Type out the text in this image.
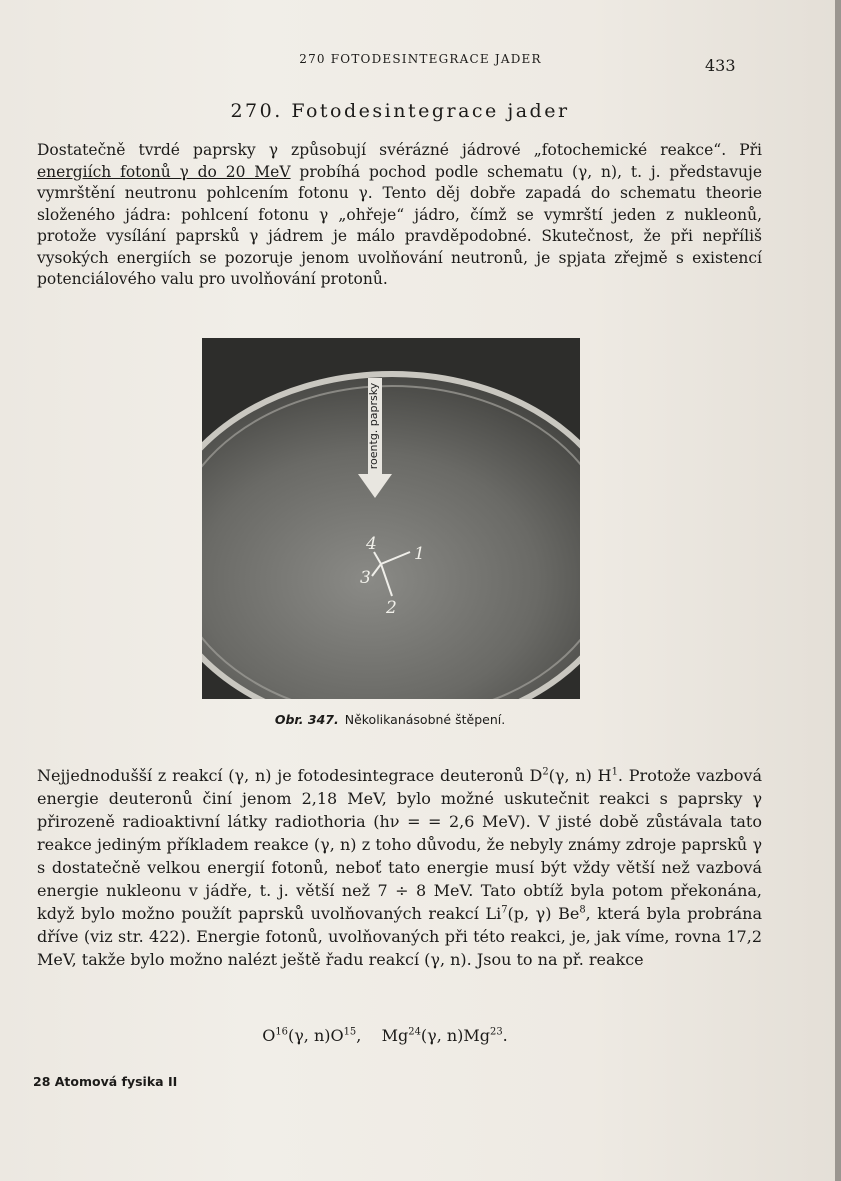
270 FOTODESINTEGRACE JADER	433
270. Fotodesintegrace jader

Dostatečně tvrdé paprsky γ způsobují svérázné jádrové „fotochemické reakce“. Při energiích fotonů γ do 20 MeV probíhá pochod podle schematu (γ, n), t. j. představuje vymrštění neutronu pohlcením fotonu γ. Tento děj dobře zapadá do schematu theorie složeného jádra: pohlcení fotonu γ „ohřeje“ jádro, čímž se vymrští jeden z nukleonů, protože vysílání paprsků γ jádrem je málo pravděpodobné. Skutečnost, že při nepříliš vysokých energiích se pozoruje jenom uvolňování neutronů, je spjata zřejmě s existencí potenciálového valu pro uvolňování protonů.

roentg. paprsky
1
2
3
4
Obr. 347. Několikanásobné štěpení.

Nejjednodušší z reakcí (γ, n) je fotodesintegrace deuteronů $D^2(\gamma$, n) $H^1$. Protože vazbová energie deuteronů činí jenom 2,18 MeV, bylo možné uskutečnit reakci s paprsky γ přirozeně radioaktivní látky radiothoria (hν = = 2,6 MeV). V jisté době zůstávala tato reakce jediným příkladem reakce (γ, n) z toho důvodu, že nebyly známy zdroje paprsků γ s dostatečně velkou energií fotonů, neboť tato energie musí být vždy větší než vazbová energie nukleonu v jádře, t. j. větší než 7 ÷ 8 MeV. Tato obtíž byla potom překonána, když bylo možno použít paprsků uvolňovaných reakcí Li$^7$(p, γ) Be$^8$, která byla probrána dříve (viz str. 422). Energie fotonů, uvolňovaných při této reakci, je, jak víme, rovna 17,2 MeV, takže bylo možno nalézt ještě řadu reakcí (γ, n). Jsou to na př. reakce

$O^{16}(\gamma$, $n)O^{15}$,    Mg$^{24}$(γ, n)Mg$^{23}$.
28 Atomová fysika II
